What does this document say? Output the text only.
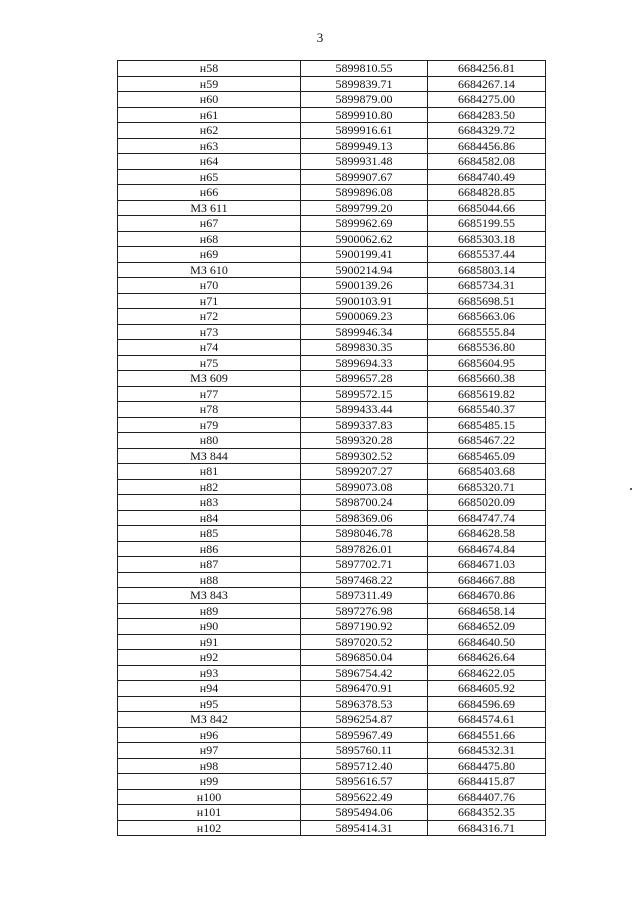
3
н58	5899810.55	6684256.81
н59	5899839.71	6684267.14
н60	5899879.00	6684275.00
н61	5899910.80	6684283.50
н62	5899916.61	6684329.72
н63	5899949.13	6684456.86
н64	5899931.48	6684582.08
н65	5899907.67	6684740.49
н66	5899896.08	6684828.85
МЗ 611	5899799.20	6685044.66
н67	5899962.69	6685199.55
н68	5900062.62	6685303.18
н69	5900199.41	6685537.44
МЗ 610	5900214.94	6685803.14
н70	5900139.26	6685734.31
н71	5900103.91	6685698.51
н72	5900069.23	6685663.06
н73	5899946.34	6685555.84
н74	5899830.35	6685536.80
н75	5899694.33	6685604.95
МЗ 609	5899657.28	6685660.38
н77	5899572.15	6685619.82
н78	5899433.44	6685540.37
н79	5899337.83	6685485.15
н80	5899320.28	6685467.22
МЗ 844	5899302.52	6685465.09
н81	5899207.27	6685403.68
н82	5899073.08	6685320.71
н83	5898700.24	6685020.09
н84	5898369.06	6684747.74
н85	5898046.78	6684628.58
н86	5897826.01	6684674.84
н87	5897702.71	6684671.03
н88	5897468.22	6684667.88
МЗ 843	5897311.49	6684670.86
н89	5897276.98	6684658.14
н90	5897190.92	6684652.09
н91	5897020.52	6684640.50
н92	5896850.04	6684626.64
н93	5896754.42	6684622.05
н94	5896470.91	6684605.92
н95	5896378.53	6684596.69
МЗ 842	5896254.87	6684574.61
н96	5895967.49	6684551.66
н97	5895760.11	6684532.31
н98	5895712.40	6684475.80
н99	5895616.57	6684415.87
н100	5895622.49	6684407.76
н101	5895494.06	6684352.35
н102	5895414.31	6684316.71
